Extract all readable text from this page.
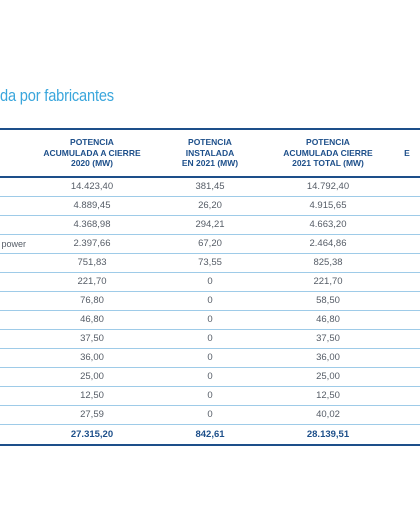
da por fabricantes

	POTENCIA
ACUMULADA A CIERRE
2020 (MW)	POTENCIA
INSTALADA
EN 2021 (MW)	POTENCIA
ACUMULADA CIERRE
2021 TOTAL (MW)	E

	14.423,40	381,45	14.792,40	
	4.889,45	26,20	4.915,65	
	4.368,98	294,21	4.663,20	
power	2.397,66	67,20	2.464,86	
	751,83	73,55	825,38	
	221,70	0	221,70	
	76,80	0	58,50	
	46,80	0	46,80	
	37,50	0	37,50	
	36,00	0	36,00	
	25,00	0	25,00	
	12,50	0	12,50	
	27,59	0	40,02	
	27.315,20	842,61	28.139,51	
